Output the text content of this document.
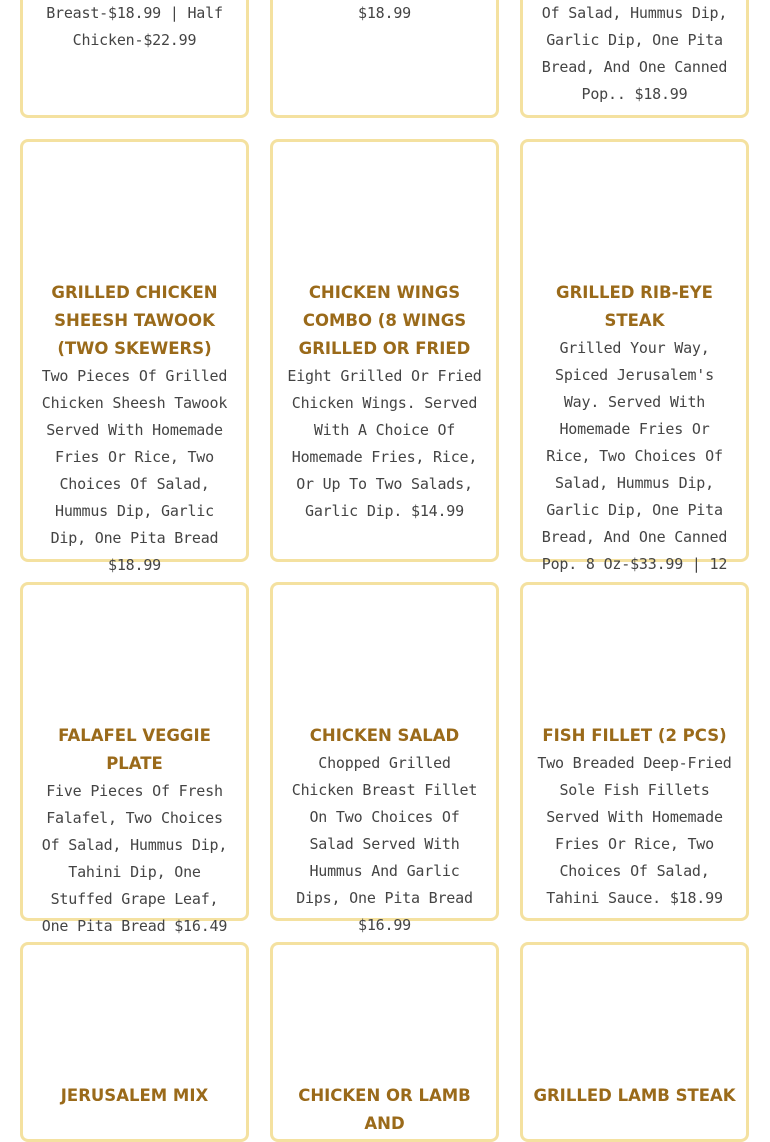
Breast-$18.99 | Half Chicken-$22.99

$18.99	Of Salad, Hummus Dip, Garlic Dip, One Pita Bread, And One Canned Pop.. $18.99

GRILLED CHICKEN SHEESH TAWOOK (TWO SKEWERS)

Two Pieces Of Grilled Chicken Sheesh Tawook Served With Homemade Fries Or Rice, Two Choices Of Salad, Hummus Dip, Garlic Dip, One Pita Bread $18.99

CHICKEN WINGS COMBO (8 WINGS GRILLED OR FRIED

Eight Grilled Or Fried Chicken Wings. Served With A Choice Of Homemade Fries, Rice, Or Up To Two Salads, Garlic Dip. $14.99

GRILLED RIB-EYE STEAK

Grilled Your Way, Spiced Jerusalem's Way. Served With Homemade Fries Or Rice, Two Choices Of Salad, Hummus Dip, Garlic Dip, One Pita Bread, And One Canned Pop. 8 Oz-$33.99 | 12

FALAFEL VEGGIE PLATE

Five Pieces Of Fresh Falafel, Two Choices Of Salad, Hummus Dip, Tahini Dip, One Stuffed Grape Leaf, One Pita Bread $16.49

CHICKEN SALAD

Chopped Grilled Chicken Breast Fillet On Two Choices Of Salad Served With Hummus And Garlic Dips, One Pita Bread $16.99

FISH FILLET (2 PCS)

Two Breaded Deep-Fried Sole Fish Fillets Served With Homemade Fries Or Rice, Two Choices Of Salad, Tahini Sauce. $18.99

JERUSALEM MIX	CHICKEN OR LAMB AND
GRILLED LAMB STEAK
